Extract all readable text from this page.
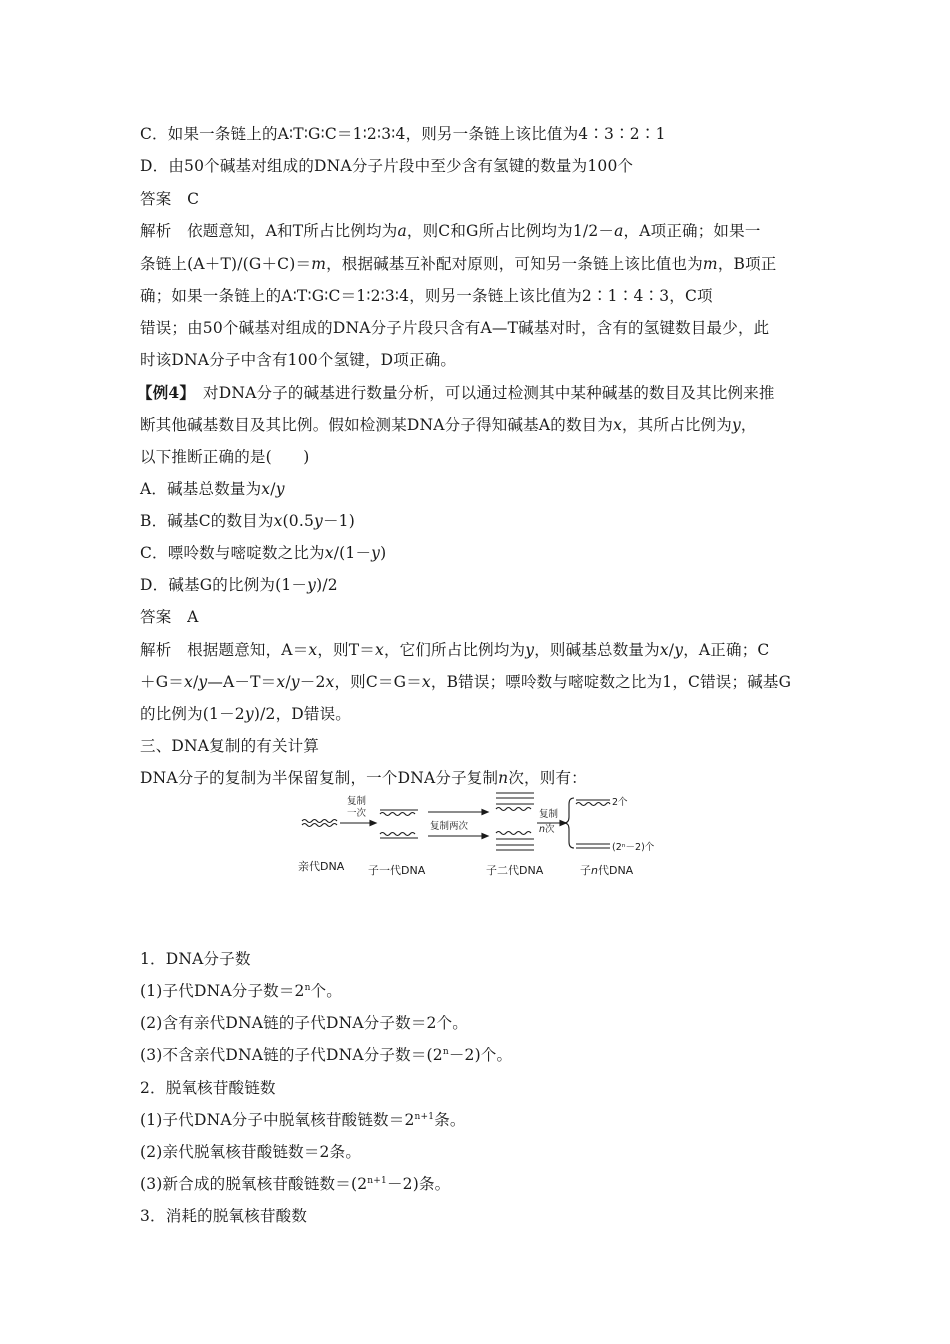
C．如果一条链上的A∶T∶G∶C＝1∶2∶3∶4，则另一条链上该比值为4∶3∶2∶1
D．由50个碱基对组成的DNA分子片段中至少含有氢键的数量为100个
答案　C
解析　依题意知，A和T所占比例均为a，则C和G所占比例均为1/2－a，A项正确；如果一
条链上(A＋T)/(G＋C)＝m，根据碱基互补配对原则，可知另一条链上该比值也为m，B项正
确；如果一条链上的A∶T∶G∶C＝1∶2∶3∶4，则另一条链上该比值为2∶1∶4∶3，C项
错误；由50个碱基对组成的DNA分子片段只含有A—T碱基对时，含有的氢键数目最少，此
时该DNA分子中含有100个氢键，D项正确。
【例4】　对DNA分子的碱基进行数量分析，可以通过检测其中某种碱基的数目及其比例来推
断其他碱基数目及其比例。假如检测某DNA分子得知碱基A的数目为x，其所占比例为y，
以下推断正确的是(　　)
A．碱基总数量为x/y
B．碱基C的数目为x(0.5y－1)
C．嘌呤数与嘧啶数之比为x/(1－y)
D．碱基G的比例为(1－y)/2
答案　A
解析　根据题意知，A＝x，则T＝x，它们所占比例均为y，则碱基总数量为x/y，A正确；C
＋G＝x/y—A－T＝x/y－2x，则C＝G＝x，B错误；嘌呤数与嘧啶数之比为1，C错误；碱基G
的比例为(1－2y)/2，D错误。
三、DNA复制的有关计算
DNA分子的复制为半保留复制，一个DNA分子复制n次，则有：
1．DNA分子数
(1)子代DNA分子数$=2^n$个。
(2)含有亲代DNA链的子代DNA分子数＝2个。
(3)不含亲代DNA链的子代DNA分子数$=(2^n-2)$个。
2．脱氧核苷酸链数
(1)子代DNA分子中脱氧核苷酸链数$=2^{n+1}$条。
(2)亲代脱氧核苷酸链数＝2条。
(3)新合成的脱氧核苷酸链数$=(2^{n+1}-2)$条。
3．消耗的脱氧核苷酸数
复制
一次
复制两次
复制
n次
2个
(2ⁿ－2)个
亲代DNA 子一代DNA	子二代DNA	子n代DNA
